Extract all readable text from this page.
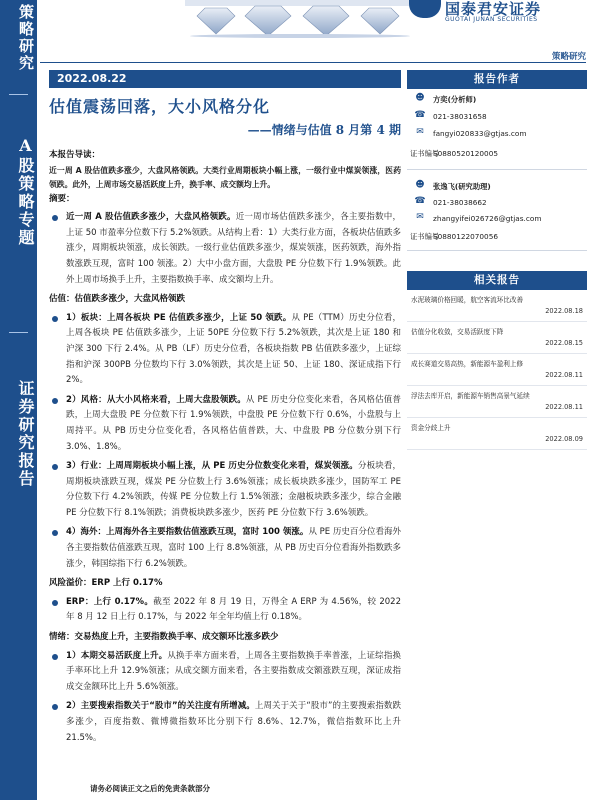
策略研究
A股策略专题
证券研究报告
国泰君安证券
GUOTAI JUNAN SECURITIES
策略研究
2022.08.22
估值震荡回落，大小风格分化
——情绪与估值 8 月第 4 期
本报告导读：
近一周 A 股估值跌多涨少，大盘风格领跌。大类行业周期板块小幅上涨，一级行业中煤炭领涨，医药领跌。此外，上周市场交易活跃度上升，换手率、成交额均上升。
摘要：
近一周 A 股估值跌多涨少，大盘风格领跌。近一周市场估值跌多涨少，各主要指数中，上证 50 市盈率分位数下行 5.2%领跌。从结构上看：1）大类行业方面，各板块估值跌多涨少，周期板块领涨，成长领跌。一级行业估值跌多涨少，煤炭领涨，医药领跌，海外指数涨跌互现，富时 100 领涨。2）大中小盘方面，大盘股 PE 分位数下行 1.9%领跌。此外上周市场换手上升，主要指数换手率、成交额均上升。
估值：估值跌多涨少，大盘风格领跌
1）板块：上周各板块 PE 估值跌多涨少，上证 50 领跌。从 PE（TTM）历史分位看，上周各板块 PE 估值跌多涨少，上证 50PE 分位数下行 5.2%领跌，其次是上证 180 和沪深 300 下行 2.4%。从 PB（LF）历史分位看，各板块指数 PB 估值跌多涨少，上证综指和沪深 300PB 分位数均下行 3.0%领跌，其次是上证 50、上证 180、深证成指下行 2%。
2）风格：从大小风格来看，上周大盘股领跌。从 PE 历史分位变化来看，各风格估值普跌，上周大盘股 PE 分位数下行 1.9%领跌，中盘股 PE 分位数下行 0.6%，小盘股与上周持平。从 PB 历史分位变化看，各风格估值普跌，大、中盘股 PB 分位数分别下行 3.0%、1.8%。
3）行业：上周周期板块小幅上涨，从 PE 历史分位数变化来看，煤炭领涨。分板块看，周期板块涨跌互现，煤炭 PE 分位数上行 3.6%领涨；成长板块跌多涨少，国防军工 PE 分位数下行 4.2%领跌，传媒 PE 分位数上行 1.5%领涨；金融板块跌多涨少，综合金融 PE 分位数下行 8.1%领跌；消费板块跌多涨少，医药 PE 分位数下行 3.6%领跌。
4）海外：上周海外各主要指数估值涨跌互现，富时 100 领涨。从 PE 历史百分位看海外各主要指数估值涨跌互现，富时 100 上行 8.8%领涨，从 PB 历史百分位看海外指数跌多涨少，韩国综指下行 6.2%领跌。
风险溢价：ERP 上行 0.17%
ERP：上行 0.17%。截至 2022 年 8 月 19 日，万得全 A ERP 为 4.56%，较 2022 年 8 月 12 日上行 0.17%，与 2022 年全年均值上行 0.18%。
情绪：交易热度上升，主要指数换手率、成交额环比涨多跌少
1）本期交易活跃度上升。从换手率方面来看，上周各主要指数换手率普涨，上证综指换手率环比上升 12.9%领涨；从成交额方面来看，各主要指数成交额涨跌互现，深证成指成交金额环比上升 5.6%领涨。
2）主要搜索指数关于“股市”的关注度有所增减。上周关于关于“股市”的主要搜索指数跌多涨少，百度指数、微博微指数环比分别下行 8.6%、12.7%，微信指数环比上升 21.5%。
报告作者
☻	方奕(分析师)
☎ 021-38031658
✉	fangyi020833@gtjas.com
证书编号
S0880520120005
☻	张逸飞(研究助理)
☎ 021-38038662
✉	zhangyifei026726@gtjas.com
证书编号
S0880122070056
相关报告
水泥玻璃价格回暖，航空客流环比改善
2022.08.18
估值分化收敛，交易活跃度下降
2022.08.15
成长赛道交易高热，新能源车盈利上修
2022.08.11
浮法去库开启，新能源车销售高景气延续
2022.08.11
资金分歧上升
2022.08.09
请务必阅读正文之后的免责条款部分
